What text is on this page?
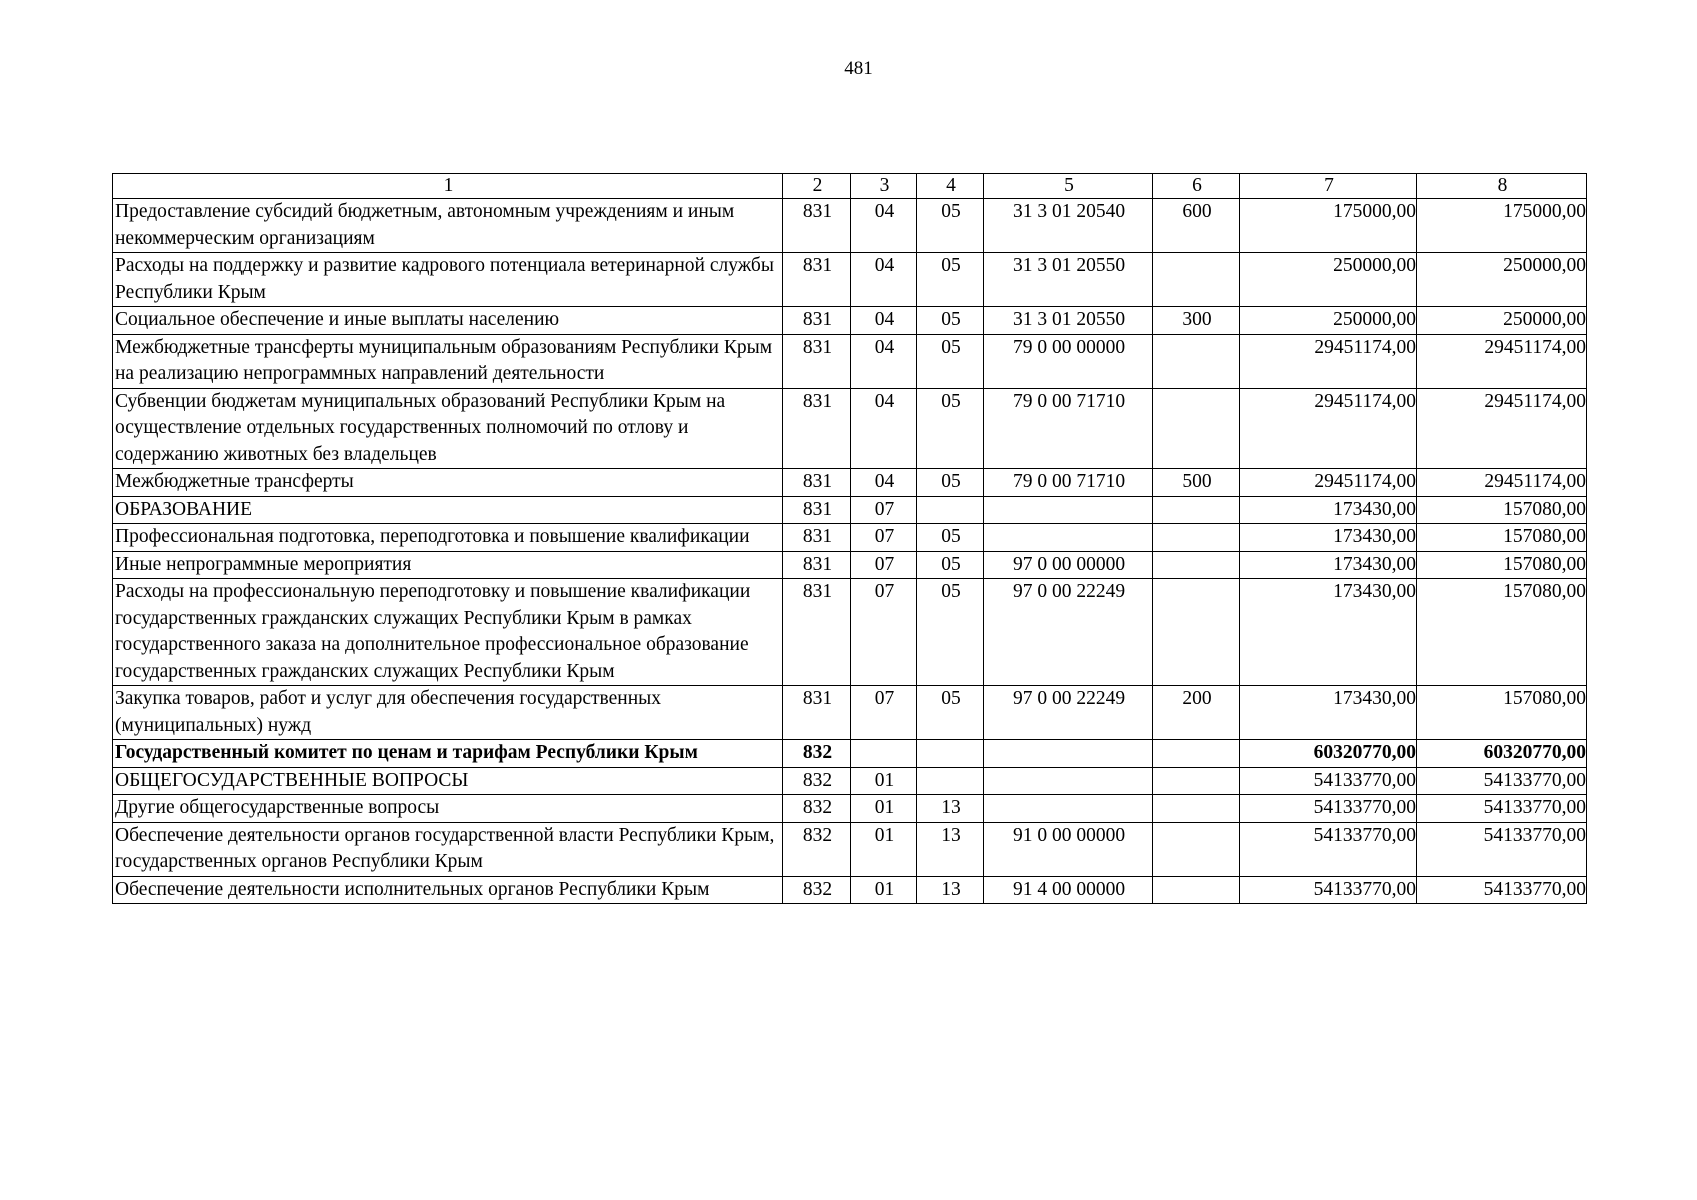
481
1	2	3	4	5	6	7	8
Предоставление субсидий бюджетным, автономным учреждениям и иным некоммерческим организациям	831	04	05	31 3 01 20540	600	175000,00	175000,00
Расходы на поддержку и развитие кадрового потенциала ветеринарной службы Республики Крым	831	04	05	31 3 01 20550		250000,00	250000,00
Социальное обеспечение и иные выплаты населению	831	04	05	31 3 01 20550	300	250000,00	250000,00
Межбюджетные трансферты муниципальным образованиям Республики Крым на реализацию непрограммных направлений деятельности	831	04	05	79 0 00 00000		29451174,00	29451174,00
Субвенции бюджетам муниципальных образований Республики Крым на осуществление отдельных государственных полномочий по отлову и содержанию животных без владельцев	831	04	05	79 0 00 71710		29451174,00	29451174,00
Межбюджетные трансферты	831	04	05	79 0 00 71710	500	29451174,00	29451174,00
ОБРАЗОВАНИЕ	831	07				173430,00	157080,00
Профессиональная подготовка, переподготовка и повышение квалификации	831	07	05			173430,00	157080,00
Иные непрограммные мероприятия	831	07	05	97 0 00 00000		173430,00	157080,00
Расходы на профессиональную переподготовку и повышение квалификации государственных гражданских служащих Республики Крым в рамках государственного заказа на дополнительное профессиональное образование государственных гражданских служащих Республики Крым	831	07	05	97 0 00 22249		173430,00	157080,00
Закупка товаров, работ и услуг для обеспечения государственных (муниципальных) нужд	831	07	05	97 0 00 22249	200	173430,00	157080,00
Государственный комитет по ценам и тарифам Республики Крым	832					60320770,00	60320770,00
ОБЩЕГОСУДАРСТВЕННЫЕ ВОПРОСЫ	832	01				54133770,00	54133770,00
Другие общегосударственные вопросы	832	01	13			54133770,00	54133770,00
Обеспечение деятельности органов государственной власти Республики Крым, государственных органов Республики Крым	832	01	13	91 0 00 00000		54133770,00	54133770,00
Обеспечение деятельности исполнительных органов Республики Крым	832	01	13	91 4 00 00000		54133770,00	54133770,00
